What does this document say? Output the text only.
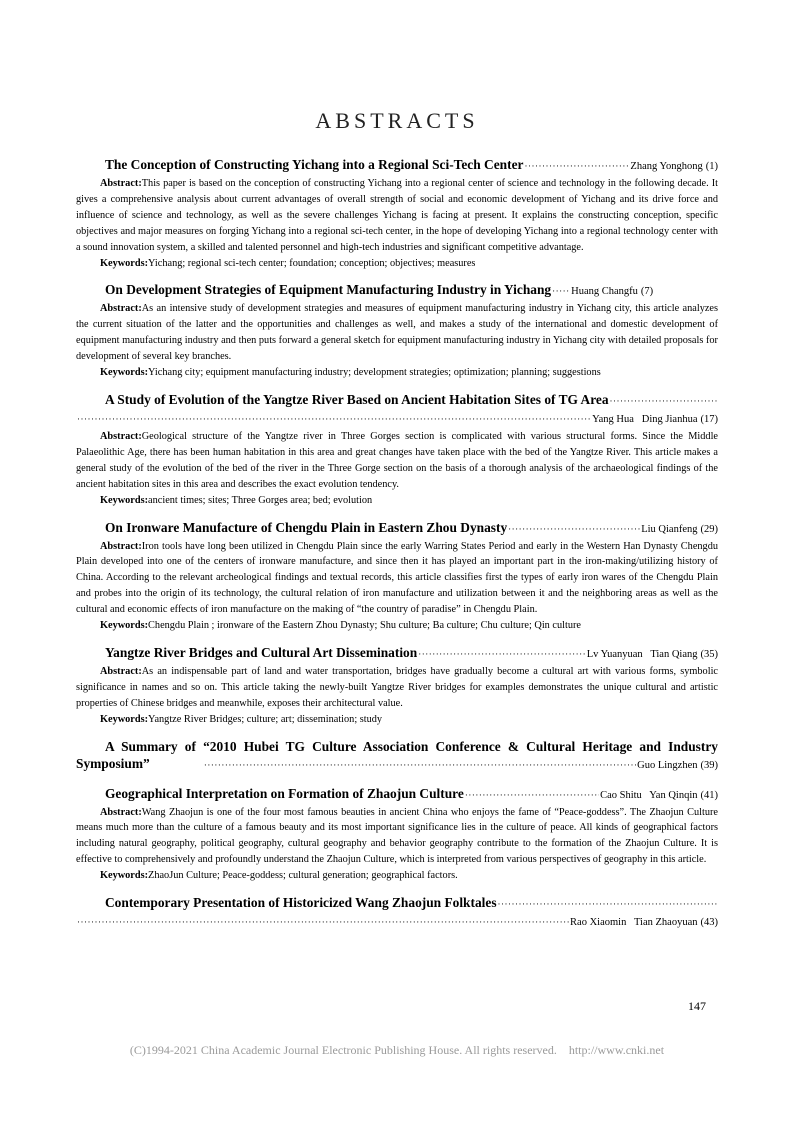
ABSTRACTS
The Conception of Constructing Yichang into a Regional Sci-Tech Center ·····	Zhang Yonghong (1)

Abstract:This paper is based on the conception of constructing Yichang into a regional center of science and technology in the following decade. It gives a comprehensive analysis about current advantages of overall strength of social and economic development of Yichang and its drive force and influence of science and technology, as well as the severe challenges Yichang is facing at present. It explains the constructing conception, specific objectives and major measures on forging Yichang into a regional sci-tech center, in the hope of developing Yichang into a regional technology center with a sound innovation system, a skilled and talented personnel and high-tech industries and significant competitive advantage.

Keywords:Yichang; regional sci-tech center; foundation; conception; objectives; measures

On Development Strategies of Equipment Manufacturing Industry in Yichang ····· Huang Changfu (7)

Abstract:As an intensive study of development strategies and measures of equipment manufacturing industry in Yichang city, this article analyzes the current situation of the latter and the opportunities and challenges as well, and makes a study of the international and domestic development of equipment manufacturing industry and then puts forward a general sketch for equipment manufacturing industry in Yichang city with detailed proposals for development of several key branches.

Keywords:Yichang city; equipment manufacturing industry; development strategies; optimization; planning; suggestions

A Study of Evolution of the Yangtze River Based on Ancient Habitation Sites of TG Area
·····
·····
Yang Hua   Ding Jianhua (17)

Abstract:Geological structure of the Yangtze river in Three Gorges section is complicated with various structural forms. Since the Middle Palaeolithic Age, there has been human habitation in this area and great changes have taken place with the bed of the Yangtze River. This article makes a general study of the evolution of the bed of the river in the Three Gorge section on the basis of a thorough analysis of the archaeological findings of the ancient habitation sites in this area and describes the exact evolution tendency.

Keywords:ancient times; sites; Three Gorges area; bed; evolution

On Ironware Manufacture of Chengdu Plain in Eastern Zhou Dynasty ·····	Liu Qianfeng (29)

Abstract:Iron tools have long been utilized in Chengdu Plain since the early Warring States Period and early in the Western Han Dynasty Chengdu Plain developed into one of the centers of ironware manufacture, and since then it has played an important part in the iron-making/utilizing history of China. According to the relevant archeological findings and textual records, this article classifies first the types of early iron wares of the Chengdu Plain and probes into the origin of its technology, the cultural relation of iron manufacture and utilization between it and the neighboring areas as well as the cultural and economic effects of iron manufacture on the making of “the country of paradise” in Chengdu Plain.

Keywords:Chengdu Plain ; ironware of the Eastern Zhou Dynasty; Shu culture; Ba culture; Chu culture; Qin culture

Yangtze River Bridges and Cultural Art Dissemination ·····	Lv Yuanyuan   Tian Qiang (35)

Abstract:As an indispensable part of land and water transportation, bridges have gradually become a cultural art with various forms, symbolic significance in names and so on. This article taking the newly-built Yangtze River bridges for examples demonstrates the unique cultural and artistic properties of Chinese bridges and meanwhile, exposes their architectural value.

Keywords:Yangtze River Bridges; culture; art; dissemination; study

A Summary of “2010 Hubei TG Culture Association Conference & Cultural Heritage and Industry Symposium” ·····	Guo Lingzhen (39)
Geographical Interpretation on Formation of Zhaojun Culture ·····	Cao Shitu   Yan Qinqin (41)

Abstract:Wang Zhaojun is one of the four most famous beauties in ancient China who enjoys the fame of “Peace-goddess”. The Zhaojun Culture means much more than the culture of a famous beauty and its most important significance lies in the culture of peace. All kinds of geographical factors including natural geography, political geography, cultural geography and behavior geography contribute to the formation of the Zhaojun Culture. It is effective to comprehensively and profoundly understand the Zhaojun Culture, which is interpreted from various perspectives of geography in this article.

Keywords:ZhaoJun Culture; Peace-goddess; cultural generation; geographical factors.

Contemporary Presentation of Historicized Wang Zhaojun Folktales
·····
·····
Rao Xiaomin   Tian Zhaoyuan (43)
147
(C)1994-2021 China Academic Journal Electronic Publishing House. All rights reserved.    http://www.cnki.net
